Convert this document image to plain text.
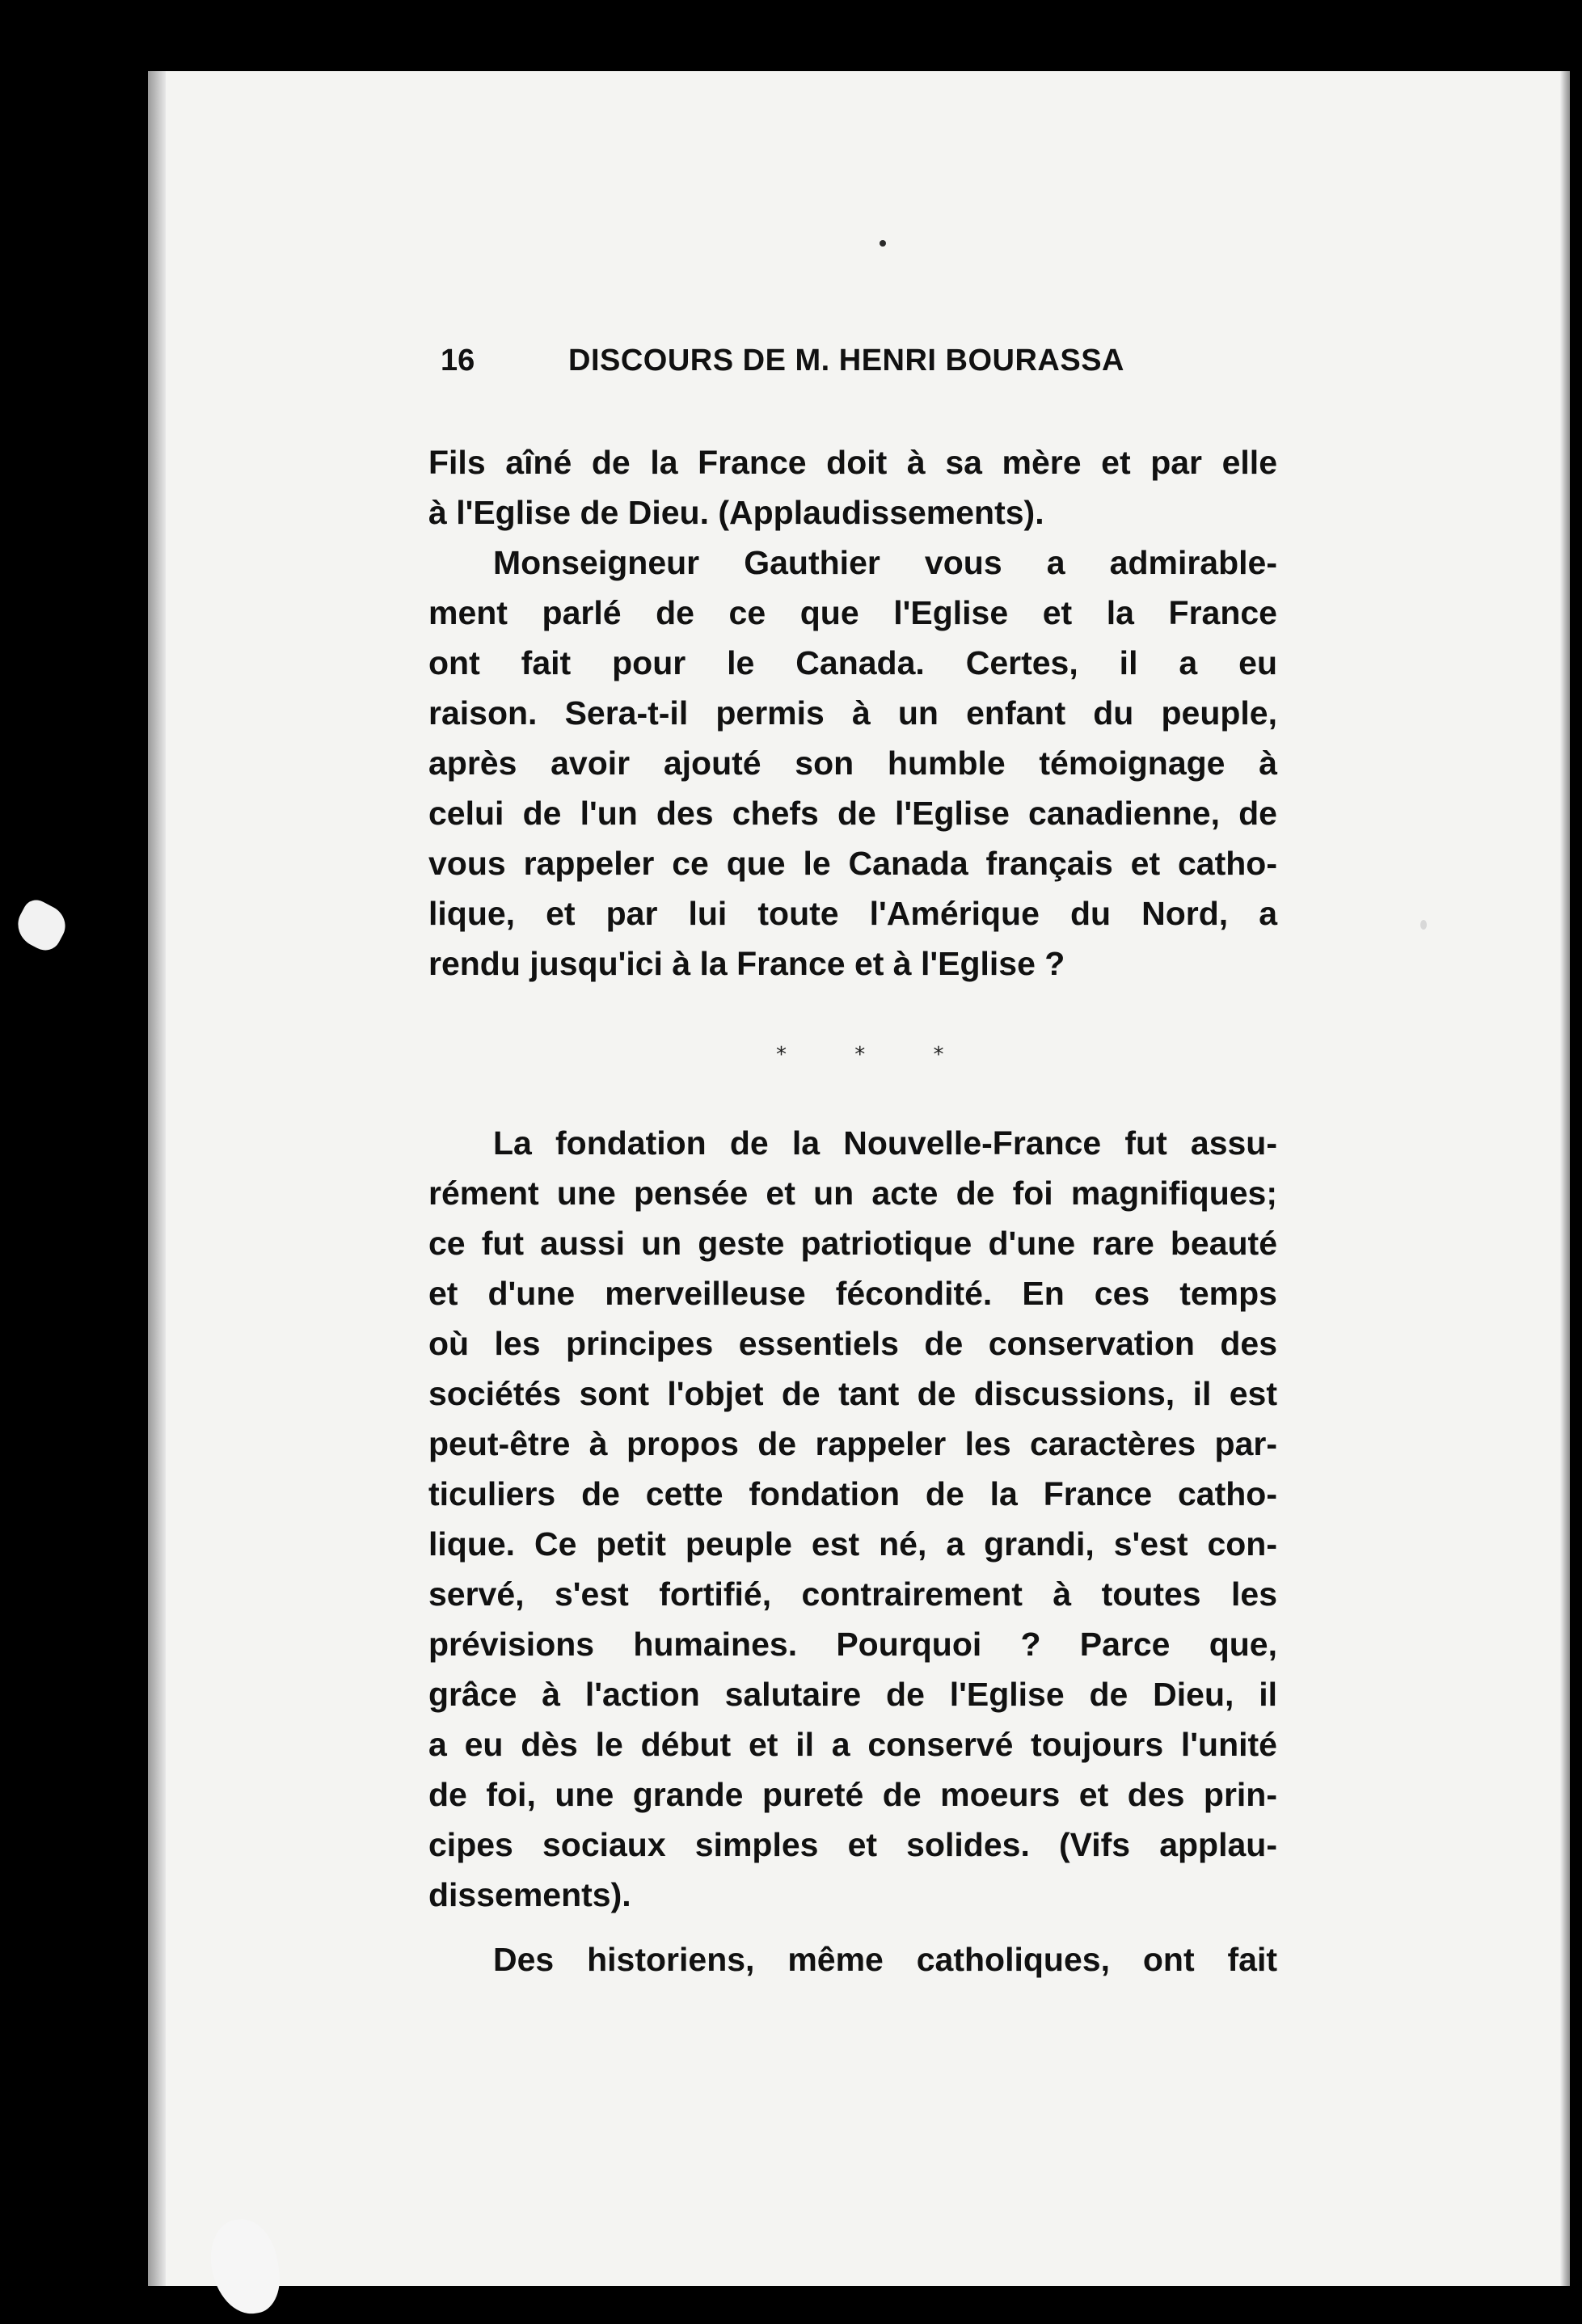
16	DISCOURS DE M. HENRI BOURASSA
Fils aîné de la France doit à sa mère et par elle
à l'Eglise de Dieu. (Applaudissements).
Monseigneur Gauthier vous a admirable-
ment parlé de ce que l'Eglise et la France
ont fait pour le Canada. Certes, il a eu
raison. Sera-t-il permis à un enfant du peuple,
après avoir ajouté son humble témoignage à
celui de l'un des chefs de l'Eglise canadienne, de
vous rappeler ce que le Canada français et catho-
lique, et par lui toute l'Amérique du Nord, a
rendu jusqu'ici à la France et à l'Eglise ?
* * *
La fondation de la Nouvelle-France fut assu-
rément une pensée et un acte de foi magnifiques;
ce fut aussi un geste patriotique d'une rare beauté
et d'une merveilleuse fécondité. En ces temps
où les principes essentiels de conservation des
sociétés sont l'objet de tant de discussions, il est
peut-être à propos de rappeler les caractères par-
ticuliers de cette fondation de la France catho-
lique. Ce petit peuple est né, a grandi, s'est con-
servé, s'est fortifié, contrairement à toutes les
prévisions humaines. Pourquoi ? Parce que,
grâce à l'action salutaire de l'Eglise de Dieu, il
a eu dès le début et il a conservé toujours l'unité
de foi, une grande pureté de moeurs et des prin-
cipes sociaux simples et solides. (Vifs applau-
dissements).
Des historiens, même catholiques, ont fait
